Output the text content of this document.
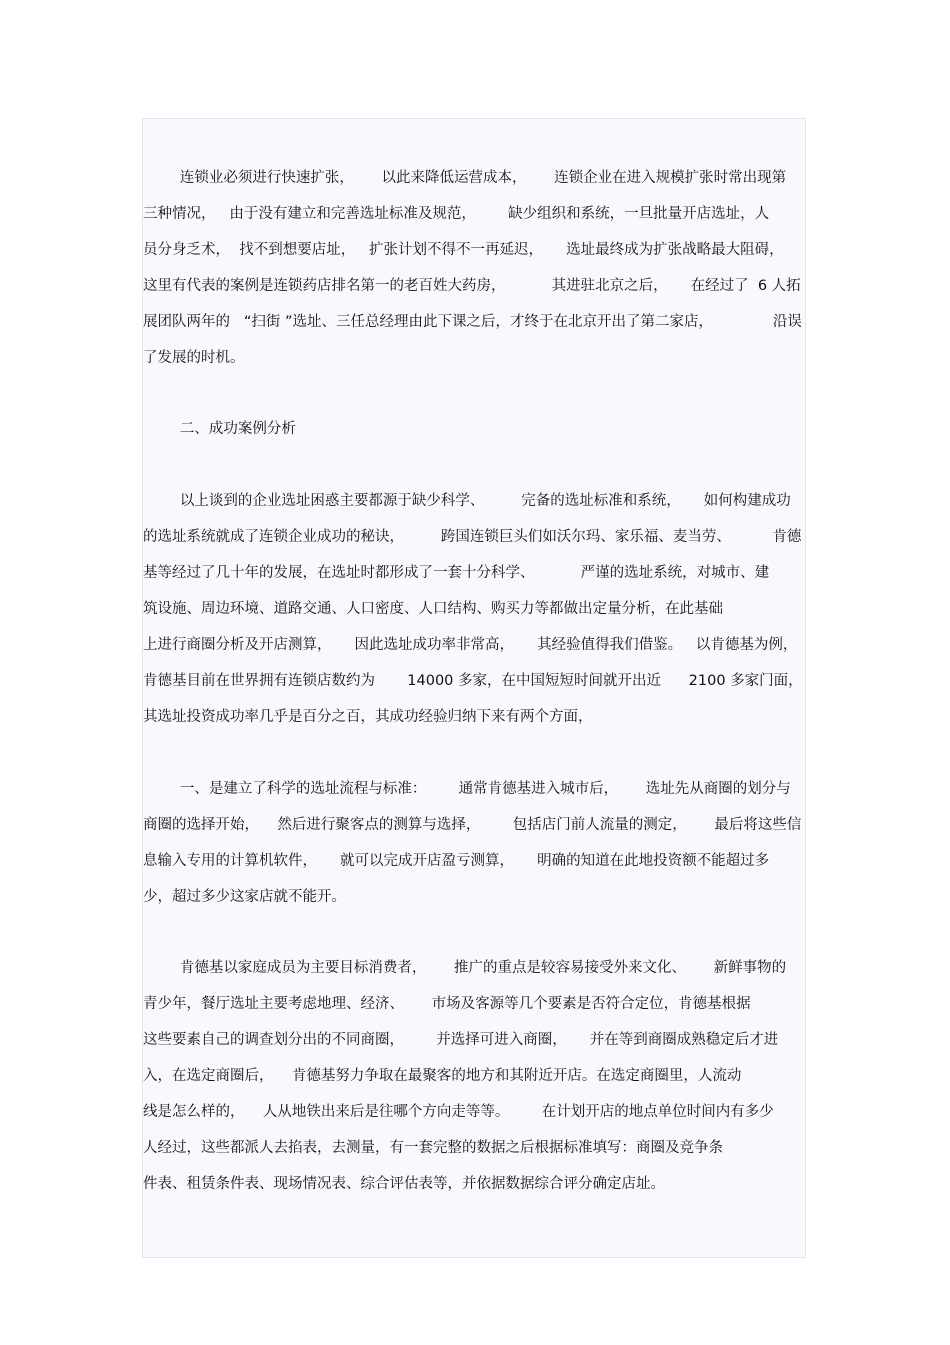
连锁业必须进行快速扩张，      以此来降低运营成本，      连锁企业在进入规模扩张时常出现第
三种情况，   由于没有建立和完善选址标准及规范，       缺少组织和系统，一旦批量开店选址，人
员分身乏术，  找不到想要店址，   扩张计划不得不一再延迟，     选址最终成为扩张战略最大阻碍，
这里有代表的案例是连锁药店排名第一的老百姓大药房，          其进驻北京之后，     在经过了  6 人拓
展团队两年的   “扫街 ”选址、三任总经理由此下课之后，才终于在北京开出了第二家店，             沿误
了发展的时机。
二、成功案例分析
以上谈到的企业选址困惑主要都源于缺少科学、        完备的选址标准和系统，     如何构建成功
的选址系统就成了连锁企业成功的秘诀，        跨国连锁巨头们如沃尔玛、家乐福、麦当劳、         肯德
基等经过了几十年的发展，在选址时都形成了一套十分科学、          严谨的选址系统，对城市、建
筑设施、周边环境、道路交通、人口密度、人口结构、购买力等都做出定量分析，在此基础
上进行商圈分析及开店测算，     因此选址成功率非常高，     其经验值得我们借鉴。   以肯德基为例，
肯德基目前在世界拥有连锁店数约为       14000 多家，在中国短短时间就开出近      2100 多家门面，
其选址投资成功率几乎是百分之百，其成功经验归纳下来有两个方面，
一、是建立了科学的选址流程与标准：       通常肯德基进入城市后，      选址先从商圈的划分与
商圈的选择开始，    然后进行聚客点的测算与选择，       包括店门前人流量的测定，      最后将这些信
息输入专用的计算机软件，     就可以完成开店盈亏测算，     明确的知道在此地投资额不能超过多
少，超过多少这家店就不能开。
肯德基以家庭成员为主要目标消费者，      推广的重点是较容易接受外来文化、      新鲜事物的
青少年，餐厅选址主要考虑地理、经济、      市场及客源等几个要素是否符合定位，肯德基根据
这些要素自己的调查划分出的不同商圈，       并选择可进入商圈，     并在等到商圈成熟稳定后才进
入，在选定商圈后，    肯德基努力争取在最聚客的地方和其附近开店。在选定商圈里，人流动
线是怎么样的，    人从地铁出来后是往哪个方向走等等。       在计划开店的地点单位时间内有多少
人经过，这些都派人去掐表，去测量，有一套完整的数据之后根据标准填写：商圈及竞争条
件表、租赁条件表、现场情况表、综合评估表等，并依据数据综合评分确定店址。
